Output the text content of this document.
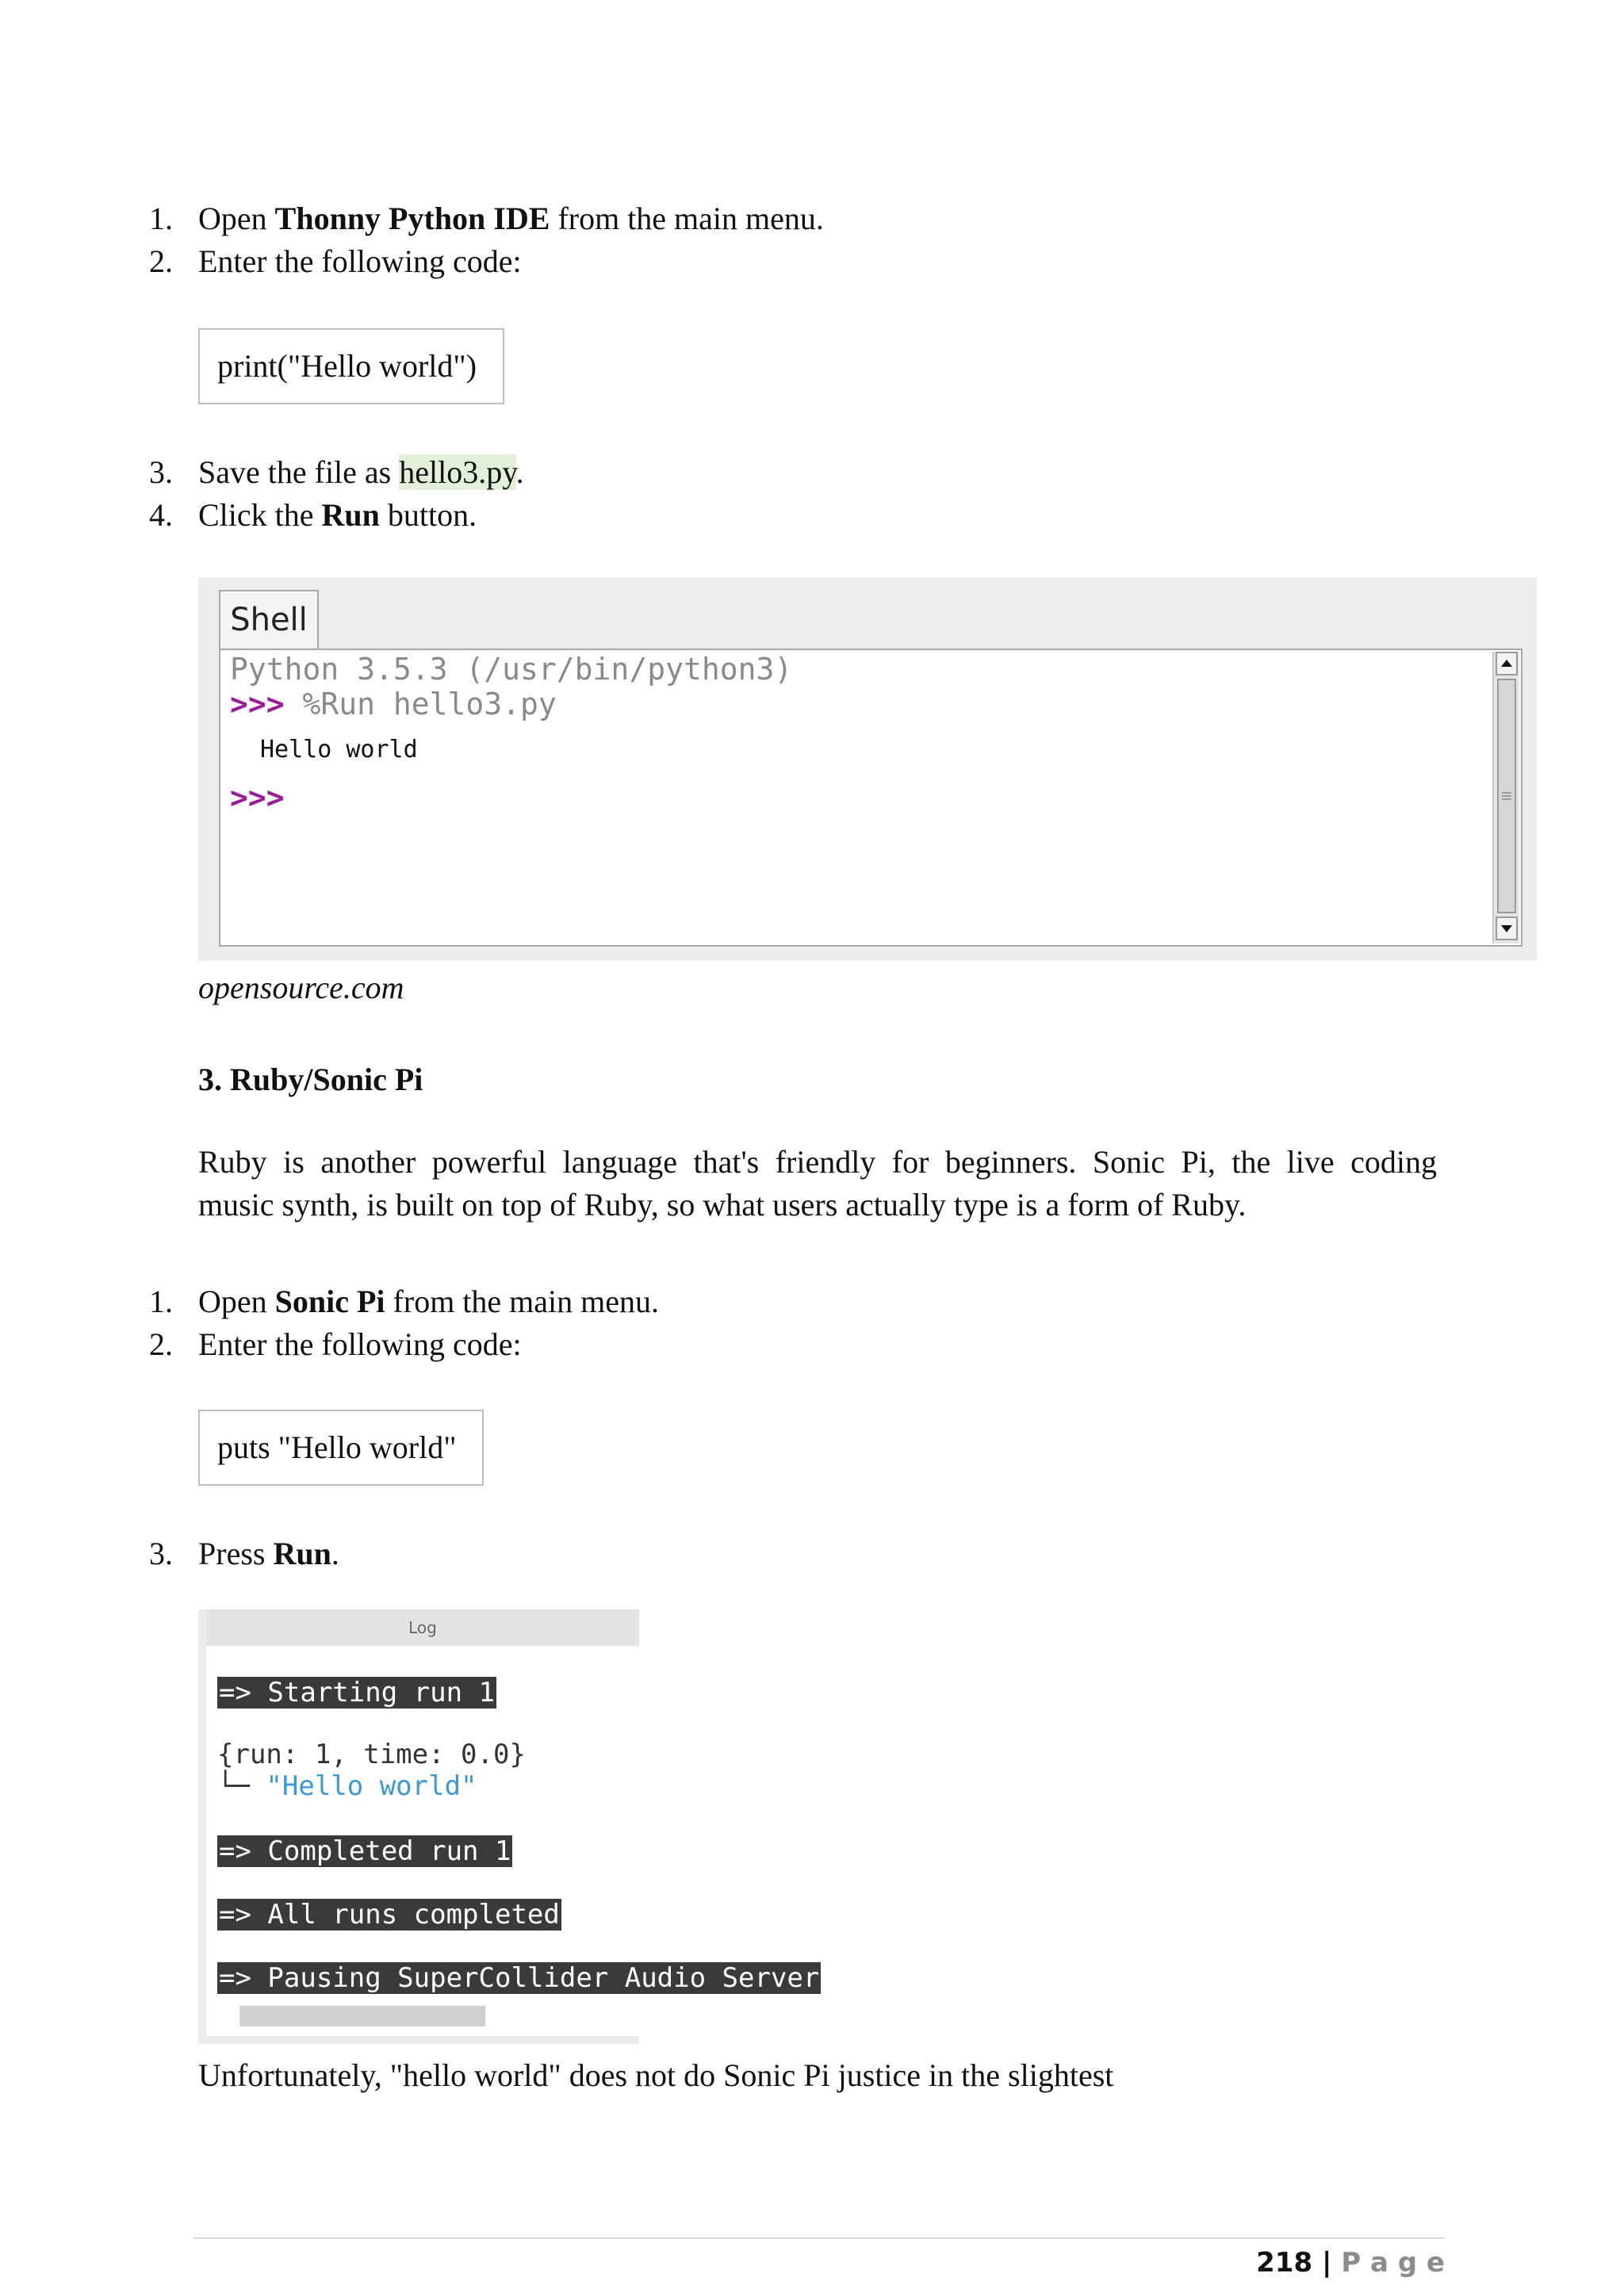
1. Open Thonny Python IDE from the main menu.
2. Enter the following code:
print("Hello world")
3. Save the file as hello3.py.
4. Click the Run button.
Shell
Python 3.5.3 (/usr/bin/python3)
>>> %Run hello3.py
Hello world
>>>
opensource.com
3. Ruby/Sonic Pi
Ruby is another powerful language that's friendly for beginners. Sonic Pi, the live coding
music synth, is built on top of Ruby, so what users actually type is a form of Ruby.
1. Open Sonic Pi from the main menu.
2. Enter the following code:
puts "Hello world"
3. Press Run.
Log
=> Starting run 1
{run: 1, time: 0.0}
└─ "Hello world"
=> Completed run 1
=> All runs completed
=> Pausing SuperCollider Audio Server
Unfortunately, "hello world" does not do Sonic Pi justice in the slightest
218 | P a g e
